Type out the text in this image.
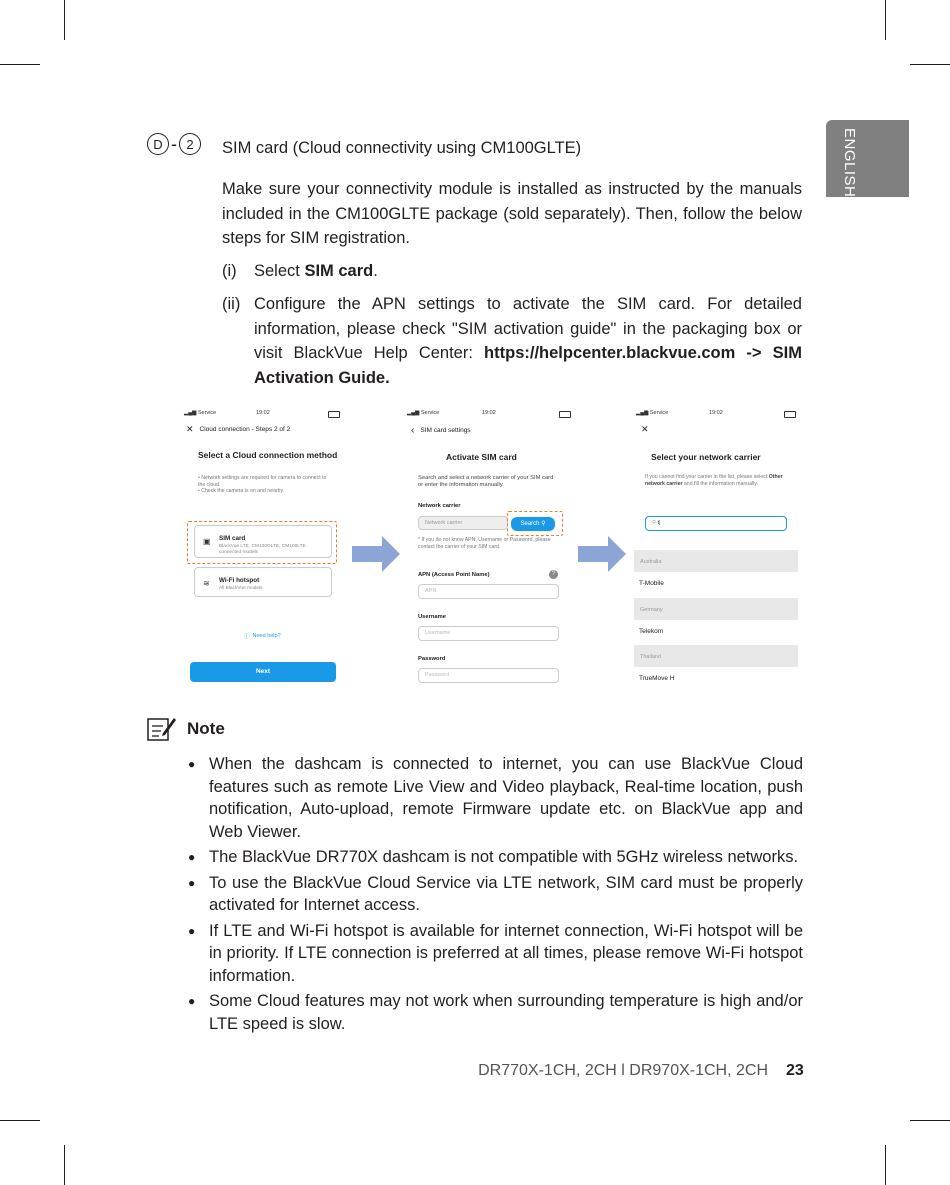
ENGLISH
D - 2	SIM card (Cloud connectivity using CM100GLTE)
Make sure your connectivity module is installed as instructed by the manuals included in the CM100GLTE package (sold separately). Then, follow the below steps for SIM registration.
(i) Select SIM card.
(ii) Configure the APN settings to activate the SIM card. For detailed information, please check "SIM activation guide" in the packaging box or visit BlackVue Help Center: https://helpcenter.blackvue.com -> SIM Activation Guide.
▂▄▆ Service	19:02
✕ Cloud connection - Steps 2 of 2
Select a Cloud connection method
• Network settings are required for camera to connect to the cloud.
• Check the camera is on and nearby.
▣ SIM card
BlackVue LTE, CM100GLTE, CM100LTE connected models
≋ Wi-Fi hotspot
All BlackVue models
ⓘ Need help?
Next
▂▄▆ Service	19:02
‹ SIM card settings
Activate SIM card
Search and select a network carrier of your SIM card or enter the information manually.
Network carrier
Network carrier	Search ⚲
* If you do not know APN, Username or Password, please contact the carrier of your SIM card.
APN (Access Point Name)	?
APN
Username
Username
Password
Password
▂▄▆ Service	19:02
✕
Select your network carrier
If you cannot find your carrier in the list, please select Other network carrier and fill the information manually.
⚲ t|
Australia
T-Mobile
Germany
Telekom
Thailand
TrueMove H
Note
● When the dashcam is connected to internet, you can use BlackVue Cloud features such as remote Live View and Video playback, Real-time location, push notification, Auto-upload, remote Firmware update etc. on BlackVue app and Web Viewer.
● The BlackVue DR770X dashcam is not compatible with 5GHz wireless networks.
● To use the BlackVue Cloud Service via LTE network, SIM card must be properly activated for Internet access.
● If LTE and Wi-Fi hotspot is available for internet connection, Wi-Fi hotspot will be in priority. If LTE connection is preferred at all times, please remove Wi-Fi hotspot information.
● Some Cloud features may not work when surrounding temperature is high and/or LTE speed is slow.
DR770X-1CH, 2CH l DR970X-1CH, 2CH 23
